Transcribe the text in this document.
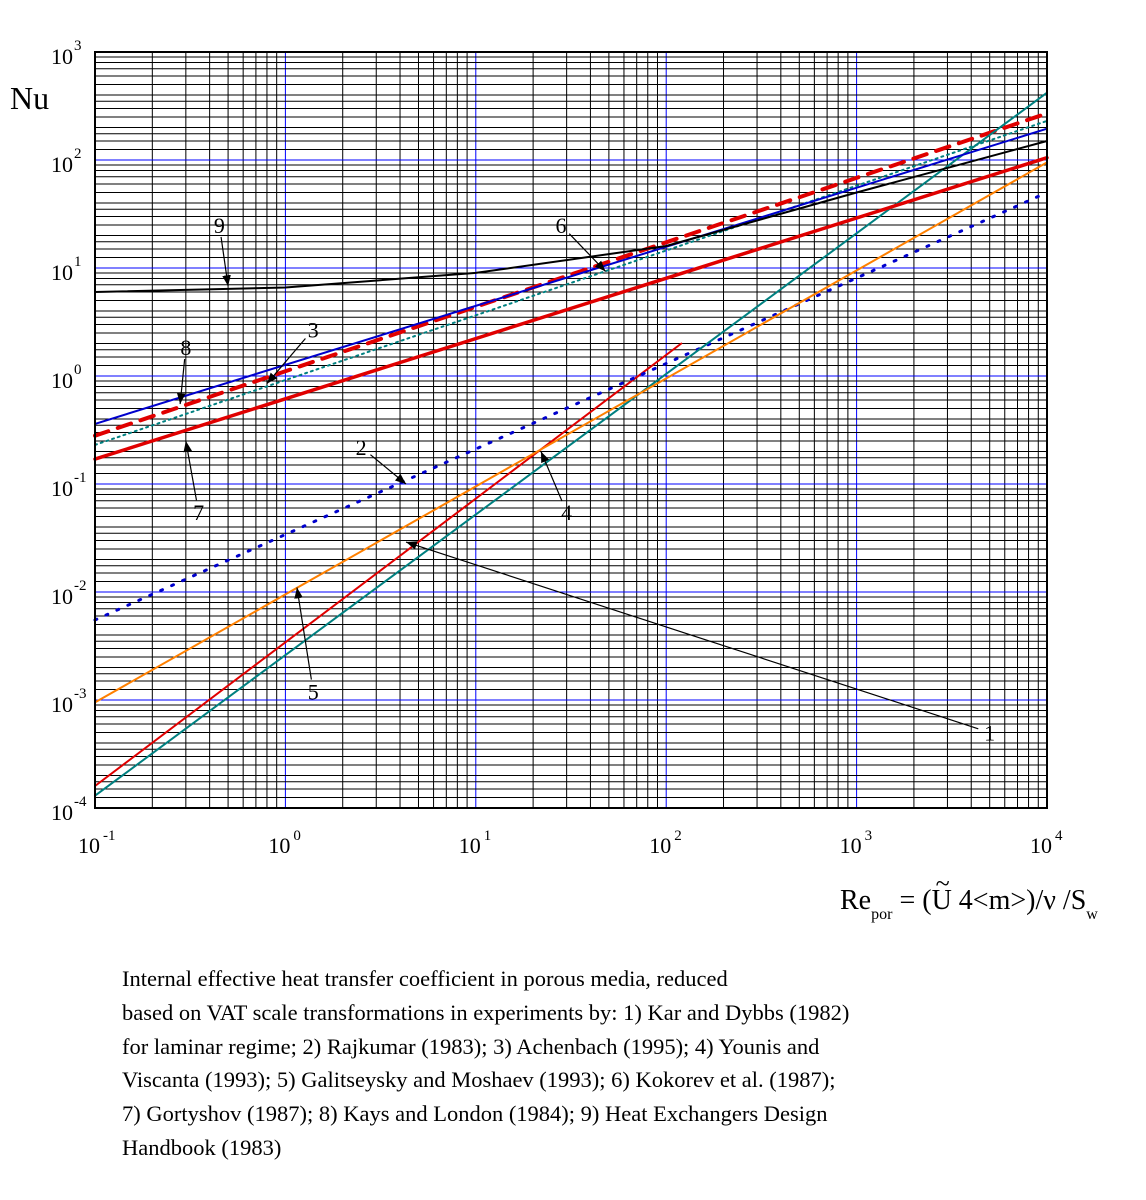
1
2
3
4
5
6
7
8
9
10 -1	10 0	10 1	10 2	10 3	10 4
10 3
10 2
10 1
10 0
10 -1
10 -2
10 -3
10 -4
Nu
$Re_{por}$ = (~ U 4<m>)/ν $/S_w$
Internal effective heat transfer coefficient in porous media, reduced
based on VAT scale transformations in experiments by: 1) Kar and Dybbs (1982)
for laminar regime; 2) Rajkumar (1983); 3) Achenbach (1995); 4) Younis and
Viscanta (1993); 5) Galitseysky and Moshaev (1993); 6) Kokorev et al. (1987);
7) Gortyshov (1987); 8) Kays and London (1984); 9) Heat Exchangers Design
Handbook (1983)
